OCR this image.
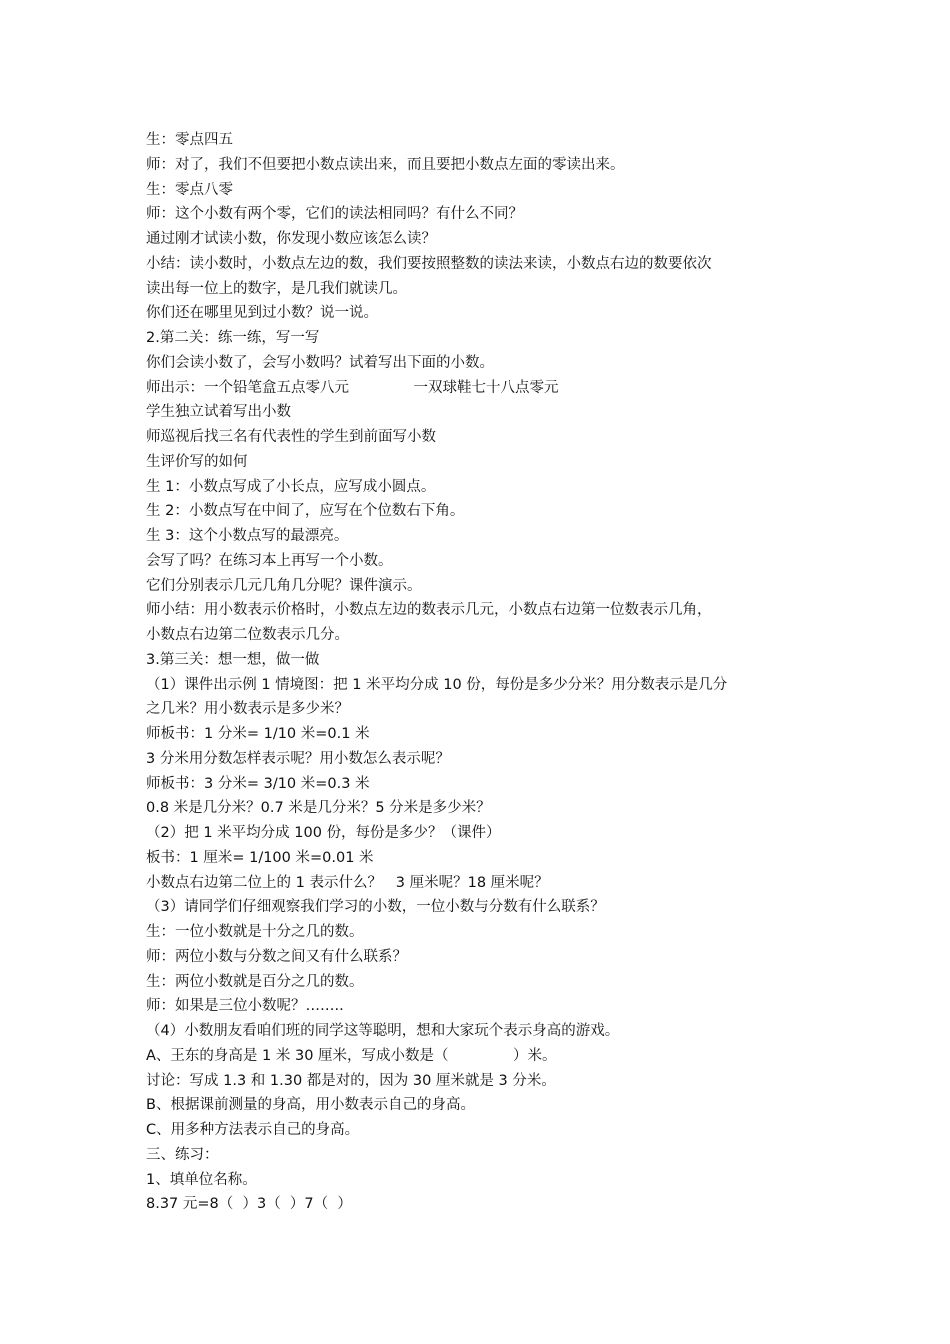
生：零点四五
师：对了，我们不但要把小数点读出来，而且要把小数点左面的零读出来。
生：零点八零
师：这个小数有两个零，它们的读法相同吗？有什么不同？
通过刚才试读小数，你发现小数应该怎么读？
小结：读小数时，小数点左边的数，我们要按照整数的读法来读，小数点右边的数要依次
读出每一位上的数字，是几我们就读几。
你们还在哪里见到过小数？说一说。
2.第二关：练一练，写一写
你们会读小数了，会写小数吗？试着写出下面的小数。
师出示：一个铅笔盒五点零八元              一双球鞋七十八点零元
学生独立试着写出小数
师巡视后找三名有代表性的学生到前面写小数
生评价写的如何
生 1：小数点写成了小长点，应写成小圆点。
生 2：小数点写在中间了，应写在个位数右下角。
生 3：这个小数点写的最漂亮。
会写了吗？在练习本上再写一个小数。
它们分别表示几元几角几分呢？课件演示。
师小结：用小数表示价格时，小数点左边的数表示几元，小数点右边第一位数表示几角，
小数点右边第二位数表示几分。
3.第三关：想一想，做一做
（1）课件出示例 1 情境图：把 1 米平均分成 10 份，每份是多少分米？用分数表示是几分
之几米？用小数表示是多少米？
师板书：1 分米= 1/10 米=0.1 米
3 分米用分数怎样表示呢？用小数怎么表示呢？
师板书：3 分米= 3/10 米=0.3 米
0.8 米是几分米？0.7 米是几分米？5 分米是多少米？
（2）把 1 米平均分成 100 份，每份是多少？（课件）
板书：1 厘米= 1/100 米=0.01 米
小数点右边第二位上的 1 表示什么？   3 厘米呢？18 厘米呢？
（3）请同学们仔细观察我们学习的小数，一位小数与分数有什么联系？
生：一位小数就是十分之几的数。
师：两位小数与分数之间又有什么联系？
生：两位小数就是百分之几的数。
师：如果是三位小数呢？……..
（4）小数朋友看咱们班的同学这等聪明，想和大家玩个表示身高的游戏。
A、王东的身高是 1 米 30 厘米，写成小数是（              ）米。
讨论：写成 1.3 和 1.30 都是对的，因为 30 厘米就是 3 分米。
B、根据课前测量的身高，用小数表示自己的身高。
C、用多种方法表示自己的身高。
三、练习：
1、填单位名称。
8.37 元=8（  ）3（  ）7（  ）
